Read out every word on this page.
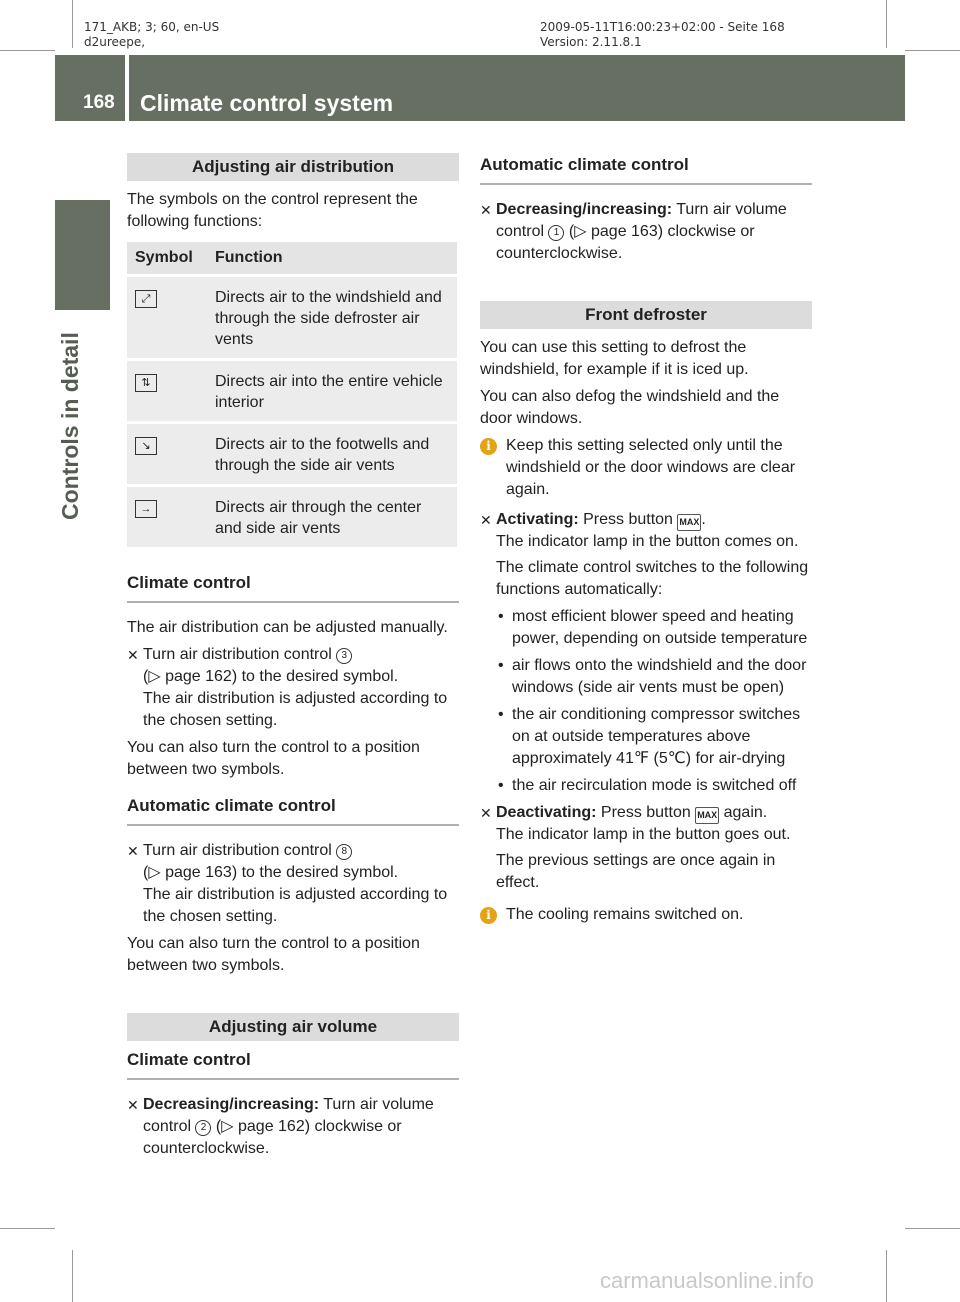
171_AKB; 3; 60, en-US
d2ureepe,
2009-05-11T16:00:23+02:00 - Seite 168
Version: 2.11.8.1
168 Climate control system
Controls in detail
Adjusting air distribution

The symbols on the control represent the following functions:

Symbol	Function
⤢	Directs air to the windshield and through the side defroster air vents
⇅	Directs air into the entire vehicle interior
↘	Directs air to the footwells and through the side air vents
→	Directs air through the center and side air vents
Climate control

The air distribution can be adjusted manually.

✕ Turn air distribution control 3
(▷ page 162) to the desired symbol.
The air distribution is adjusted according to the chosen setting.

You can also turn the control to a position between two symbols.

Automatic climate control
✕ Turn air distribution control 8
(▷ page 163) to the desired symbol.
The air distribution is adjusted according to the chosen setting.

You can also turn the control to a position between two symbols.

Adjusting air volume
Climate control
✕ Decreasing/increasing: Turn air volume control 2 (▷ page 162) clockwise or counterclockwise.
Automatic climate control
✕ Decreasing/increasing: Turn air volume control 1 (▷ page 163) clockwise or counterclockwise.
Front defroster

You can use this setting to defrost the windshield, for example if it is iced up.

You can also defog the windshield and the door windows.

i Keep this setting selected only until the windshield or the door windows are clear again.
✕ Activating: Press button MAX .
The indicator lamp in the button comes on.

The climate control switches to the following functions automatically:

• most efficient blower speed and heating power, depending on outside temperature
• air flows onto the windshield and the door windows (side air vents must be open)
• the air conditioning compressor switches on at outside temperatures above approximately 41℉ (5℃) for air-drying
• the air recirculation mode is switched off
✕ Deactivating: Press button MAX again.
The indicator lamp in the button goes out.

The previous settings are once again in effect.

i The cooling remains switched on.
carmanualsonline.info
